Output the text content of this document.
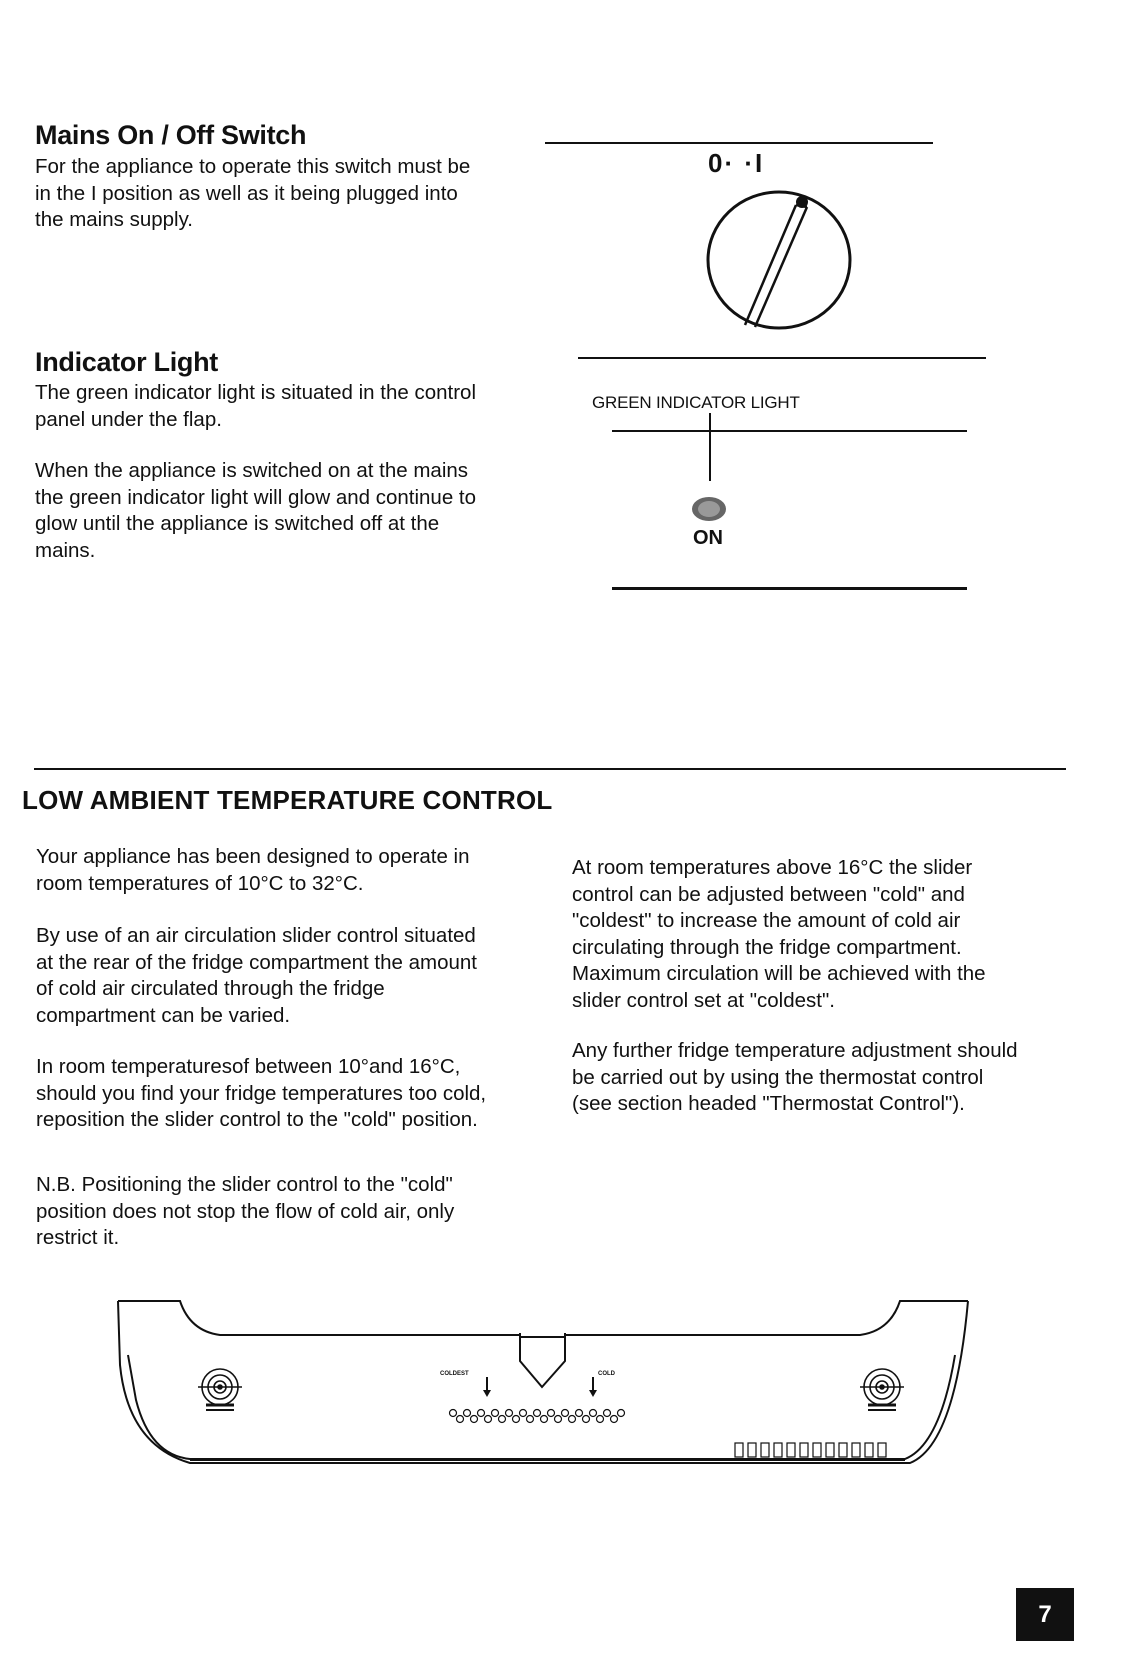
Mains On / Off Switch

For the appliance to operate this switch must be
in the I position as well as it being plugged into
the mains supply.

0· ·I
Indicator Light

The green indicator light is situated in the control
panel under the flap.

When the appliance is switched on at the mains
the green indicator light will glow and continue to
glow until the appliance is switched off at the
mains.

GREEN INDICATOR LIGHT
ON
LOW AMBIENT TEMPERATURE CONTROL

Your appliance has been designed to operate in
room temperatures of 10°C to 32°C.

By use of an air circulation slider control situated
at the rear of the fridge compartment the amount
of cold air circulated through the fridge
compartment can be varied.

In room temperaturesof between 10°and 16°C,
should you find your fridge temperatures too cold,
reposition the slider control to the "cold" position.

N.B. Positioning the slider control to the "cold"
position does not stop the flow of cold air, only
restrict it.

At room temperatures above 16°C the slider
control can be adjusted between "cold" and
"coldest" to increase the amount of cold air
circulating through the fridge compartment.
Maximum circulation will be achieved with the
slider control set at "coldest".

Any further fridge temperature adjustment should
be carried out by using the thermostat control
(see section headed "Thermostat Control").

COLDEST	COLD
7
